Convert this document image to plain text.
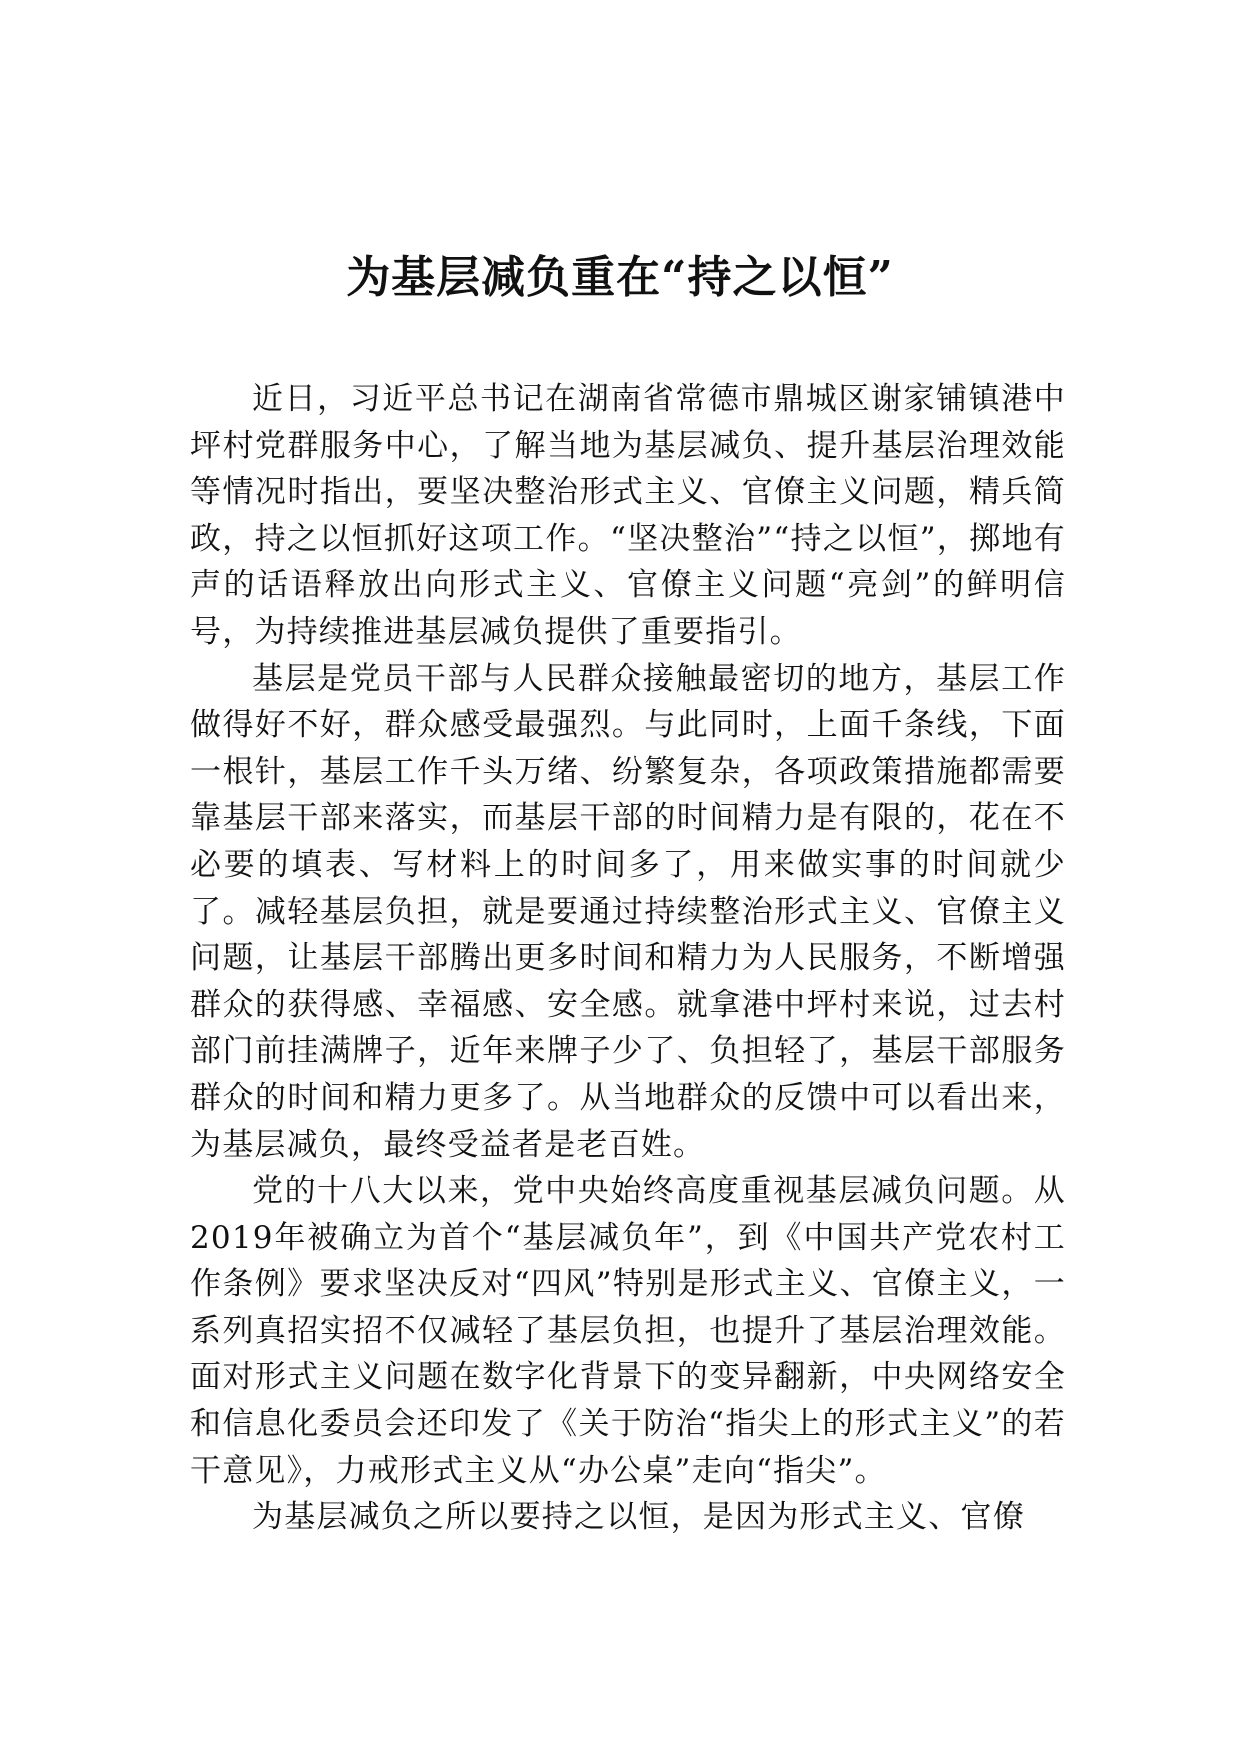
为基层减负重在“持之以恒”

近日，习近平总书记在湖南省常德市鼎城区谢家铺镇港中坪村党群服务中心，了解当地为基层减负、提升基层治理效能等情况时指出，要坚决整治形式主义、官僚主义问题，精兵简政，持之以恒抓好这项工作。“坚决整治”“持之以恒”，掷地有声的话语释放出向形式主义、官僚主义问题“亮剑”的鲜明信号，为持续推进基层减负提供了重要指引。

基层是党员干部与人民群众接触最密切的地方，基层工作做得好不好，群众感受最强烈。与此同时，上面千条线，下面一根针，基层工作千头万绪、纷繁复杂，各项政策措施都需要靠基层干部来落实，而基层干部的时间精力是有限的，花在不必要的填表、写材料上的时间多了，用来做实事的时间就少了。减轻基层负担，就是要通过持续整治形式主义、官僚主义问题，让基层干部腾出更多时间和精力为人民服务，不断增强群众的获得感、幸福感、安全感。就拿港中坪村来说，过去村部门前挂满牌子，近年来牌子少了、负担轻了，基层干部服务群众的时间和精力更多了。从当地群众的反馈中可以看出来，为基层减负，最终受益者是老百姓。

党的十八大以来，党中央始终高度重视基层减负问题。从2019年被确立为首个“基层减负年”，到《中国共产党农村工作条例》要求坚决反对“四风”特别是形式主义、官僚主义，一系列真招实招不仅减轻了基层负担，也提升了基层治理效能。面对形式主义问题在数字化背景下的变异翻新，中央网络安全和信息化委员会还印发了《关于防治“指尖上的形式主义”的若干意见》，力戒形式主义从“办公桌”走向“指尖”。

为基层减负之所以要持之以恒，是因为形式主义、官僚
